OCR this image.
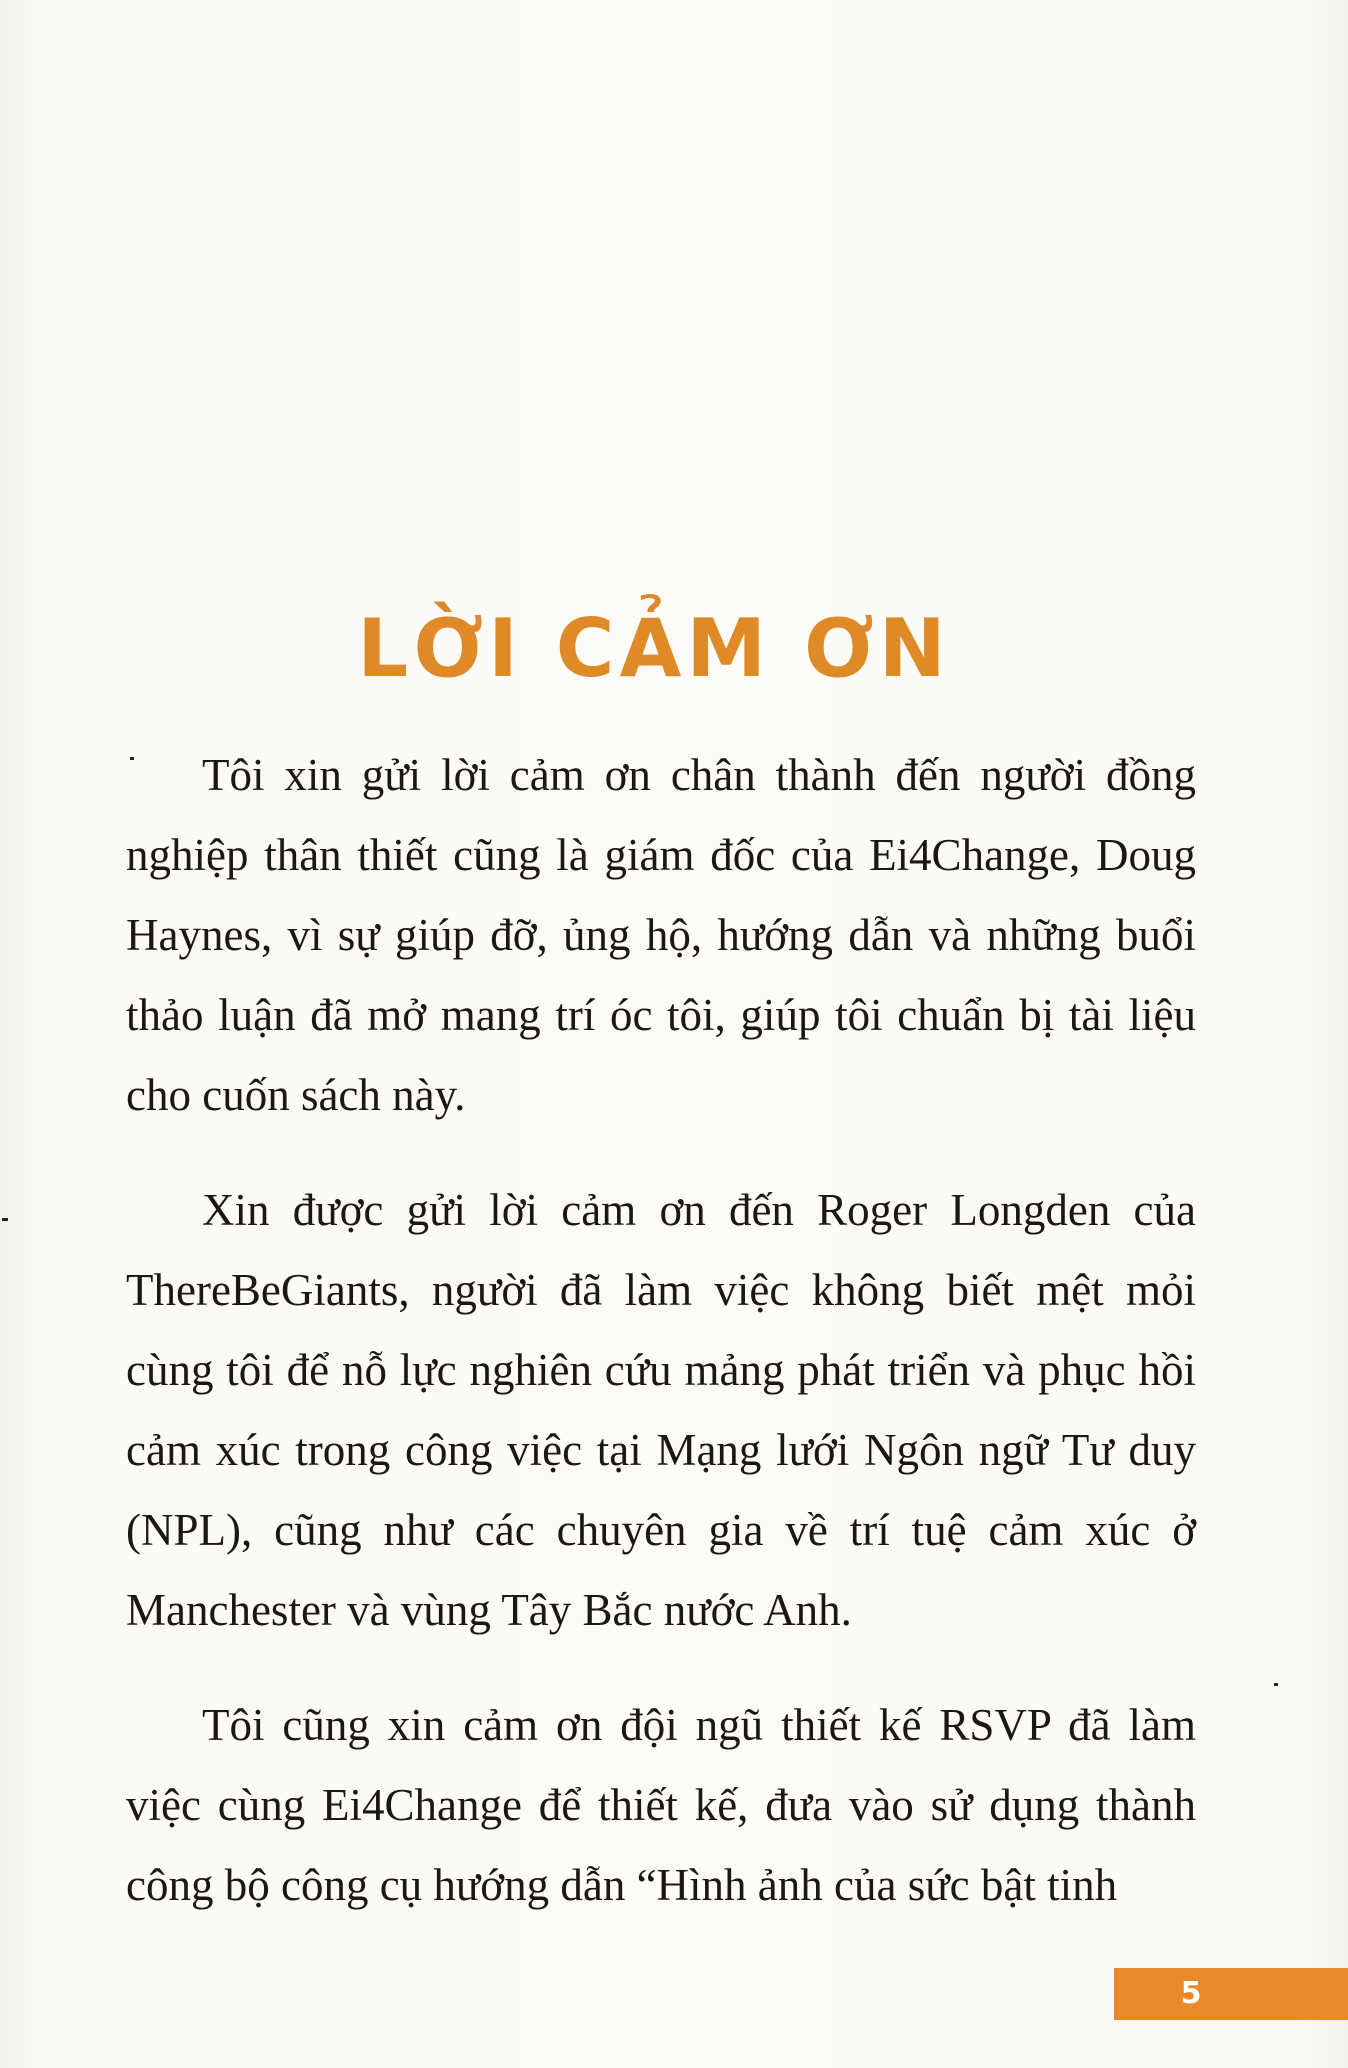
LỜI CẢM ƠN

Tôi xin gửi lời cảm ơn chân thành đến người đồng nghiệp thân thiết cũng là giám đốc của Ei4Change, Doug Haynes, vì sự giúp đỡ, ủng hộ, hướng dẫn và những buổi thảo luận đã mở mang trí óc tôi, giúp tôi chuẩn bị tài liệu cho cuốn sách này.

Xin được gửi lời cảm ơn đến Roger Longden của ThereBeGiants, người đã làm việc không biết mệt mỏi cùng tôi để nỗ lực nghiên cứu mảng phát triển và phục hồi cảm xúc trong công việc tại Mạng lưới Ngôn ngữ Tư duy (NPL), cũng như các chuyên gia về trí tuệ cảm xúc ở Manchester và vùng Tây Bắc nước Anh.

Tôi cũng xin cảm ơn đội ngũ thiết kế RSVP đã làm việc cùng Ei4Change để thiết kế, đưa vào sử dụng thành công bộ công cụ hướng dẫn “Hình ảnh của sức bật tinh

5
